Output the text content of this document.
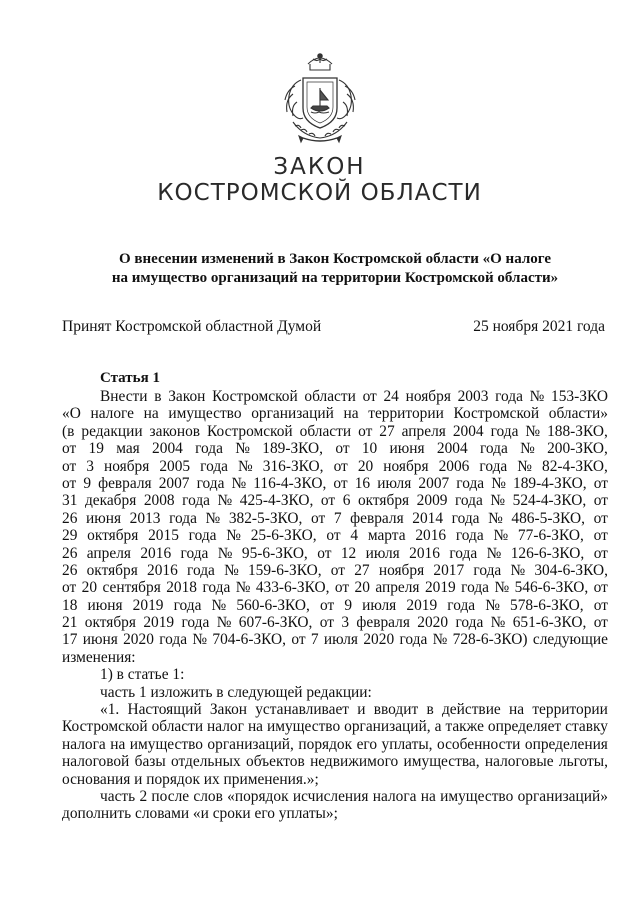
ЗАКОН
КОСТРОМСКОЙ ОБЛАСТИ
О внесении изменений в Закон Костромской области «О налоге
на имущество организаций на территории Костромской области»
Принят Костромской областной Думой	25 ноября 2021 года
Статья 1
Внести в Закон Костромской области от 24 ноября 2003 года № 153-ЗКО
«О налоге на имущество организаций на территории Костромской области»
(в редакции законов Костромской области от 27 апреля 2004 года № 188-ЗКО,
от 19 мая 2004 года № 189-ЗКО, от 10 июня 2004 года № 200-ЗКО,
от 3 ноября 2005 года № 316-ЗКО, от 20 ноября 2006 года № 82-4-ЗКО,
от 9 февраля 2007 года № 116-4-ЗКО, от 16 июля 2007 года № 189-4-ЗКО, от
31 декабря 2008 года № 425-4-ЗКО, от 6 октября 2009 года № 524-4-ЗКО, от
26 июня 2013 года № 382-5-ЗКО, от 7 февраля 2014 года № 486-5-ЗКО, от
29 октября 2015 года № 25-6-ЗКО, от 4 марта 2016 года № 77-6-ЗКО, от
26 апреля 2016 года № 95-6-ЗКО, от 12 июля 2016 года № 126-6-ЗКО, от
26 октября 2016 года № 159-6-ЗКО, от 27 ноября 2017 года № 304-6-ЗКО,
от 20 сентября 2018 года № 433-6-ЗКО, от 20 апреля 2019 года № 546-6-ЗКО, от
18 июня 2019 года № 560-6-ЗКО, от 9 июля 2019 года № 578-6-ЗКО, от
21 октября 2019 года № 607-6-ЗКО, от 3 февраля 2020 года № 651-6-ЗКО, от
17 июня 2020 года № 704-6-ЗКО, от 7 июля 2020 года № 728-6-ЗКО) следующие
изменения:
1) в статье 1:
часть 1 изложить в следующей редакции:
«1. Настоящий Закон устанавливает и вводит в действие на территории
Костромской области налог на имущество организаций, а также определяет ставку
налога на имущество организаций, порядок его уплаты, особенности определения
налоговой базы отдельных объектов недвижимого имущества, налоговые льготы,
основания и порядок их применения.»;
часть 2 после слов «порядок исчисления налога на имущество организаций»
дополнить словами «и сроки его уплаты»;
